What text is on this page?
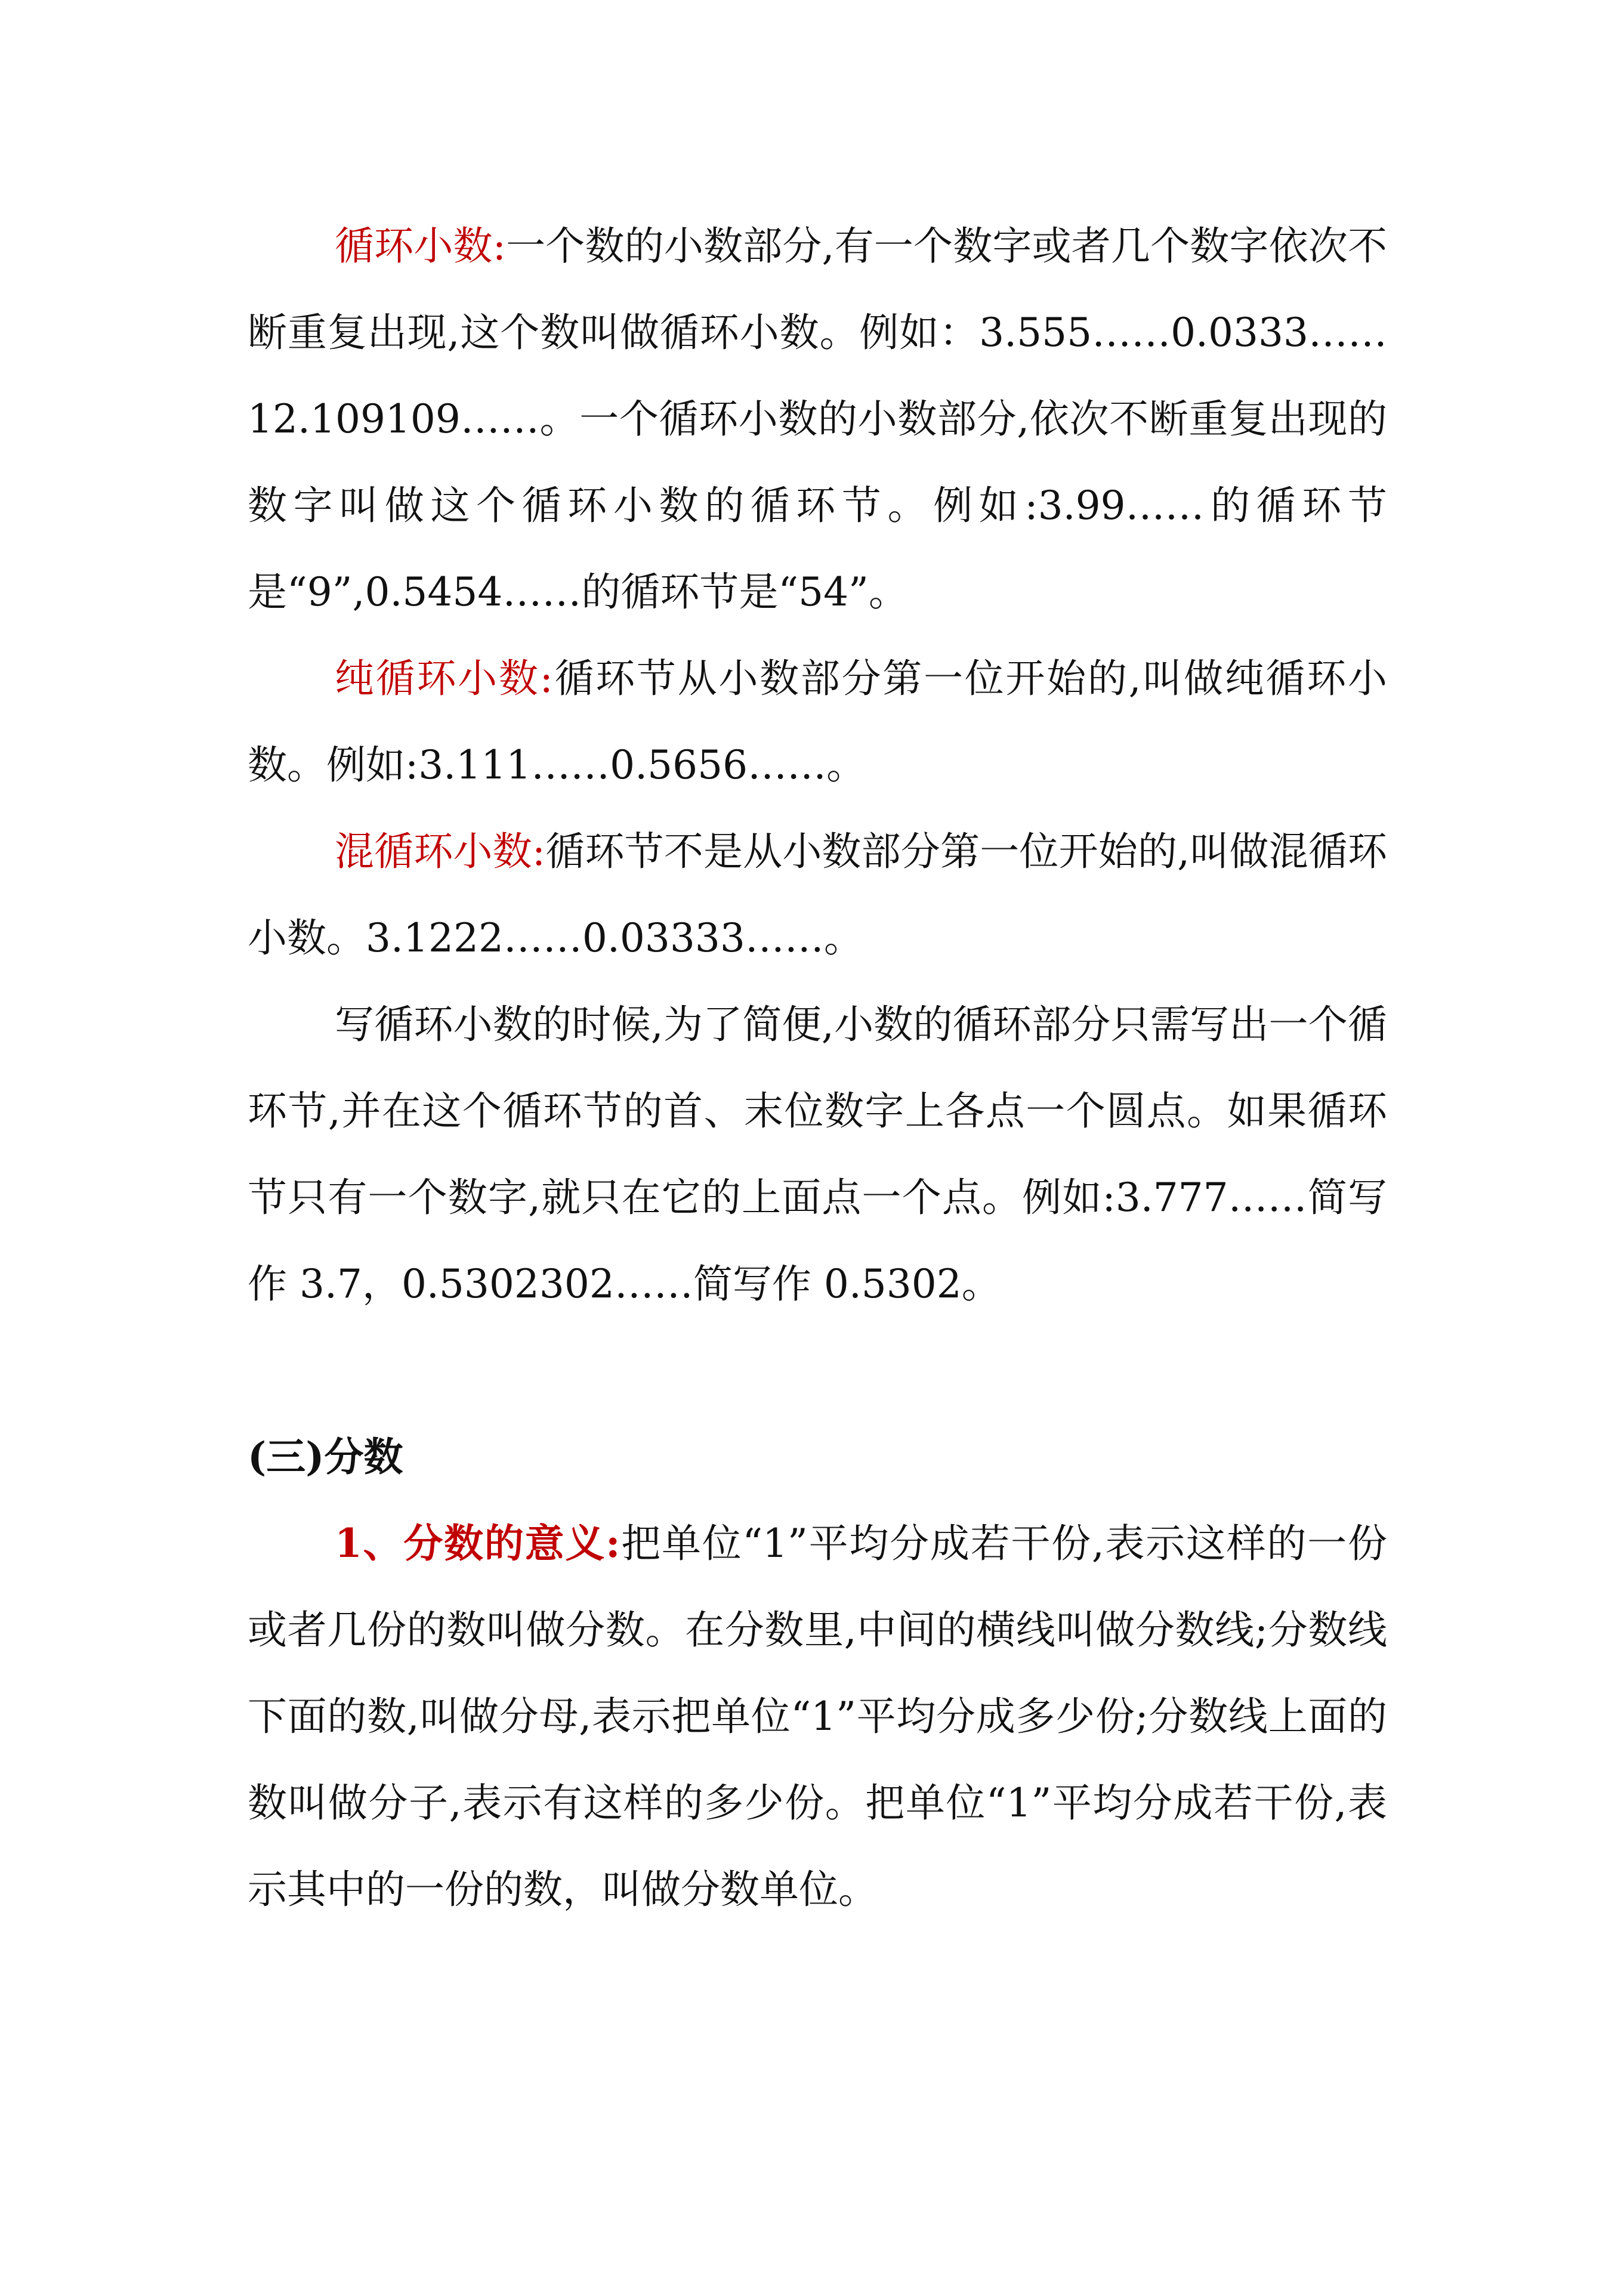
循环小数:一个数的小数部分,有一个数字或者几个数字依次不断重复出现,这个数叫做循环小数。例如：3.555……0.0333……12.109109……。一个循环小数的小数部分,依次不断重复出现的数字叫做这个循环小数的循环节。例如:3.99……的循环节是“9”,0.5454……的循环节是“54”。

纯循环小数:循环节从小数部分第一位开始的,叫做纯循环小数。例如:3.111……0.5656……。

混循环小数:循环节不是从小数部分第一位开始的,叫做混循环小数。3.1222……0.03333……。

写循环小数的时候,为了简便,小数的循环部分只需写出一个循环节,并在这个循环节的首、末位数字上各点一个圆点。如果循环节只有一个数字,就只在它的上面点一个点。例如:3.777……简写作 3.7，0.5302302……简写作 0.5302。

(三)分数

1、分数的意义:把单位“1”平均分成若干份,表示这样的一份或者几份的数叫做分数。在分数里,中间的横线叫做分数线;分数线下面的数,叫做分母,表示把单位“1”平均分成多少份;分数线上面的数叫做分子,表示有这样的多少份。把单位“1”平均分成若干份,表示其中的一份的数，叫做分数单位。
